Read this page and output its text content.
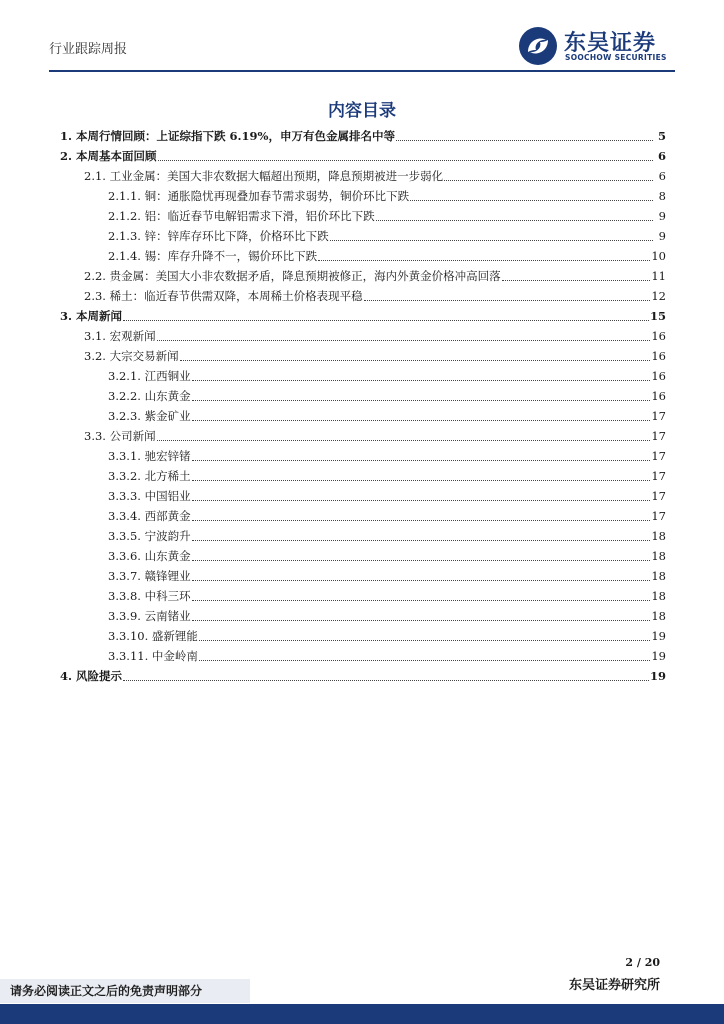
行业跟踪周报	东吴证券
SOOCHOW SECURITIES
内容目录
1. 本周行情回顾：上证综指下跌 6.19%，申万有色金属排名中等	5
2. 本周基本面回顾	6
2.1. 工业金属：美国大非农数据大幅超出预期，降息预期被进一步弱化	6
2.1.1. 铜：通胀隐忧再现叠加春节需求弱势，铜价环比下跌	8
2.1.2. 铝：临近春节电解铝需求下滑，铝价环比下跌	9
2.1.3. 锌：锌库存环比下降，价格环比下跌	9
2.1.4. 锡：库存升降不一，锡价环比下跌	10
2.2. 贵金属：美国大小非农数据矛盾，降息预期被修正，海内外黄金价格冲高回落	11
2.3. 稀土：临近春节供需双降，本周稀土价格表现平稳	12
3. 本周新闻	15
3.1. 宏观新闻	16
3.2. 大宗交易新闻	16
3.2.1. 江西铜业	16
3.2.2. 山东黄金	16
3.2.3. 紫金矿业	17
3.3. 公司新闻	17
3.3.1. 驰宏锌锗	17
3.3.2. 北方稀土	17
3.3.3. 中国铝业	17
3.3.4. 西部黄金	17
3.3.5. 宁波韵升	18
3.3.6. 山东黄金	18
3.3.7. 赣锋锂业	18
3.3.8. 中科三环	18
3.3.9. 云南锗业	18
3.3.10. 盛新锂能	19
3.3.11. 中金岭南	19
4. 风险提示	19
2 / 20
东吴证券研究所
请务必阅读正文之后的免责声明部分
